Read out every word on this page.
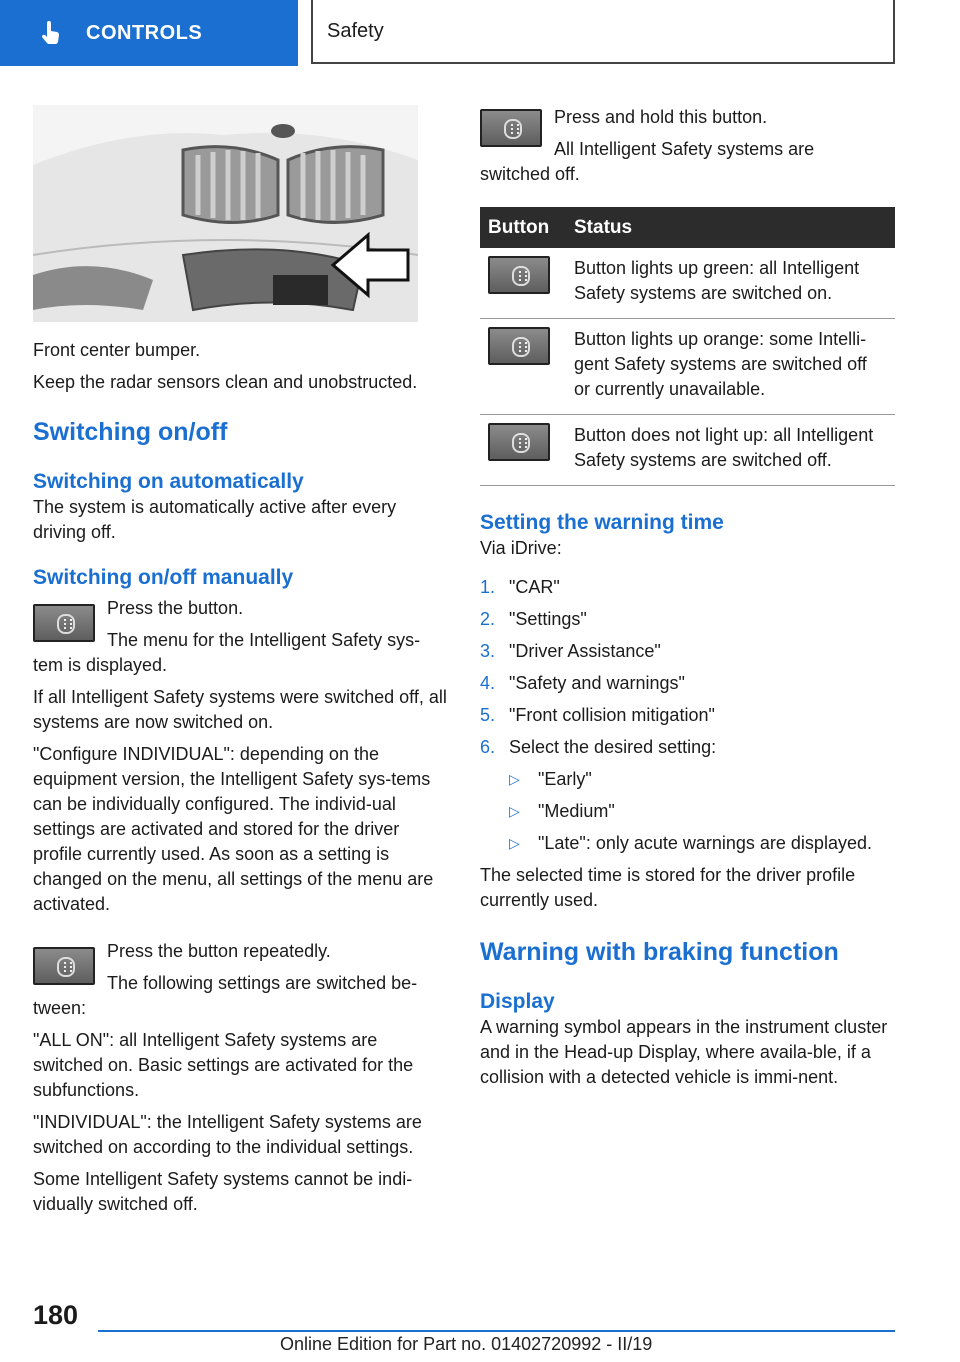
CONTROLS	Safety

Front center bumper.

Keep the radar sensors clean and unobstructed.

Switching on/off
Switching on automatically

The system is automatically active after every driving off.

Switching on/off manually

Press the button.

The menu for the Intelligent Safety sys-

tem is displayed.

If all Intelligent Safety systems were switched off, all systems are now switched on.

"Configure INDIVIDUAL": depending on the equipment version, the Intelligent Safety sys-tems can be individually configured. The individ-ual settings are activated and stored for the driver profile currently used. As soon as a setting is changed on the menu, all settings of the menu are activated.

Press the button repeatedly.

The following settings are switched be-

tween:

"ALL ON": all Intelligent Safety systems are switched on. Basic settings are activated for the subfunctions.

"INDIVIDUAL": the Intelligent Safety systems are switched on according to the individual settings.

Some Intelligent Safety systems cannot be indi-vidually switched off.

Press and hold this button.

All Intelligent Safety systems are

switched off.

Button	Status

	Button lights up green: all Intelligent Safety systems are switched on.

	Button lights up orange: some Intelli-gent Safety systems are switched off or currently unavailable.

	Button does not light up: all Intelligent Safety systems are switched off.
Setting the warning time

Via iDrive:

1. "CAR"
2. "Settings"
3. "Driver Assistance"
4. "Safety and warnings"
5. "Front collision mitigation"
6. Select the desired setting:
▷	"Early"
▷	"Medium"
▷	"Late": only acute warnings are displayed.

The selected time is stored for the driver profile currently used.

Warning with braking function
Display

A warning symbol appears in the instrument cluster and in the Head-up Display, where availa-ble, if a collision with a detected vehicle is immi-nent.

180
Online Edition for Part no. 01402720992 - II/19
